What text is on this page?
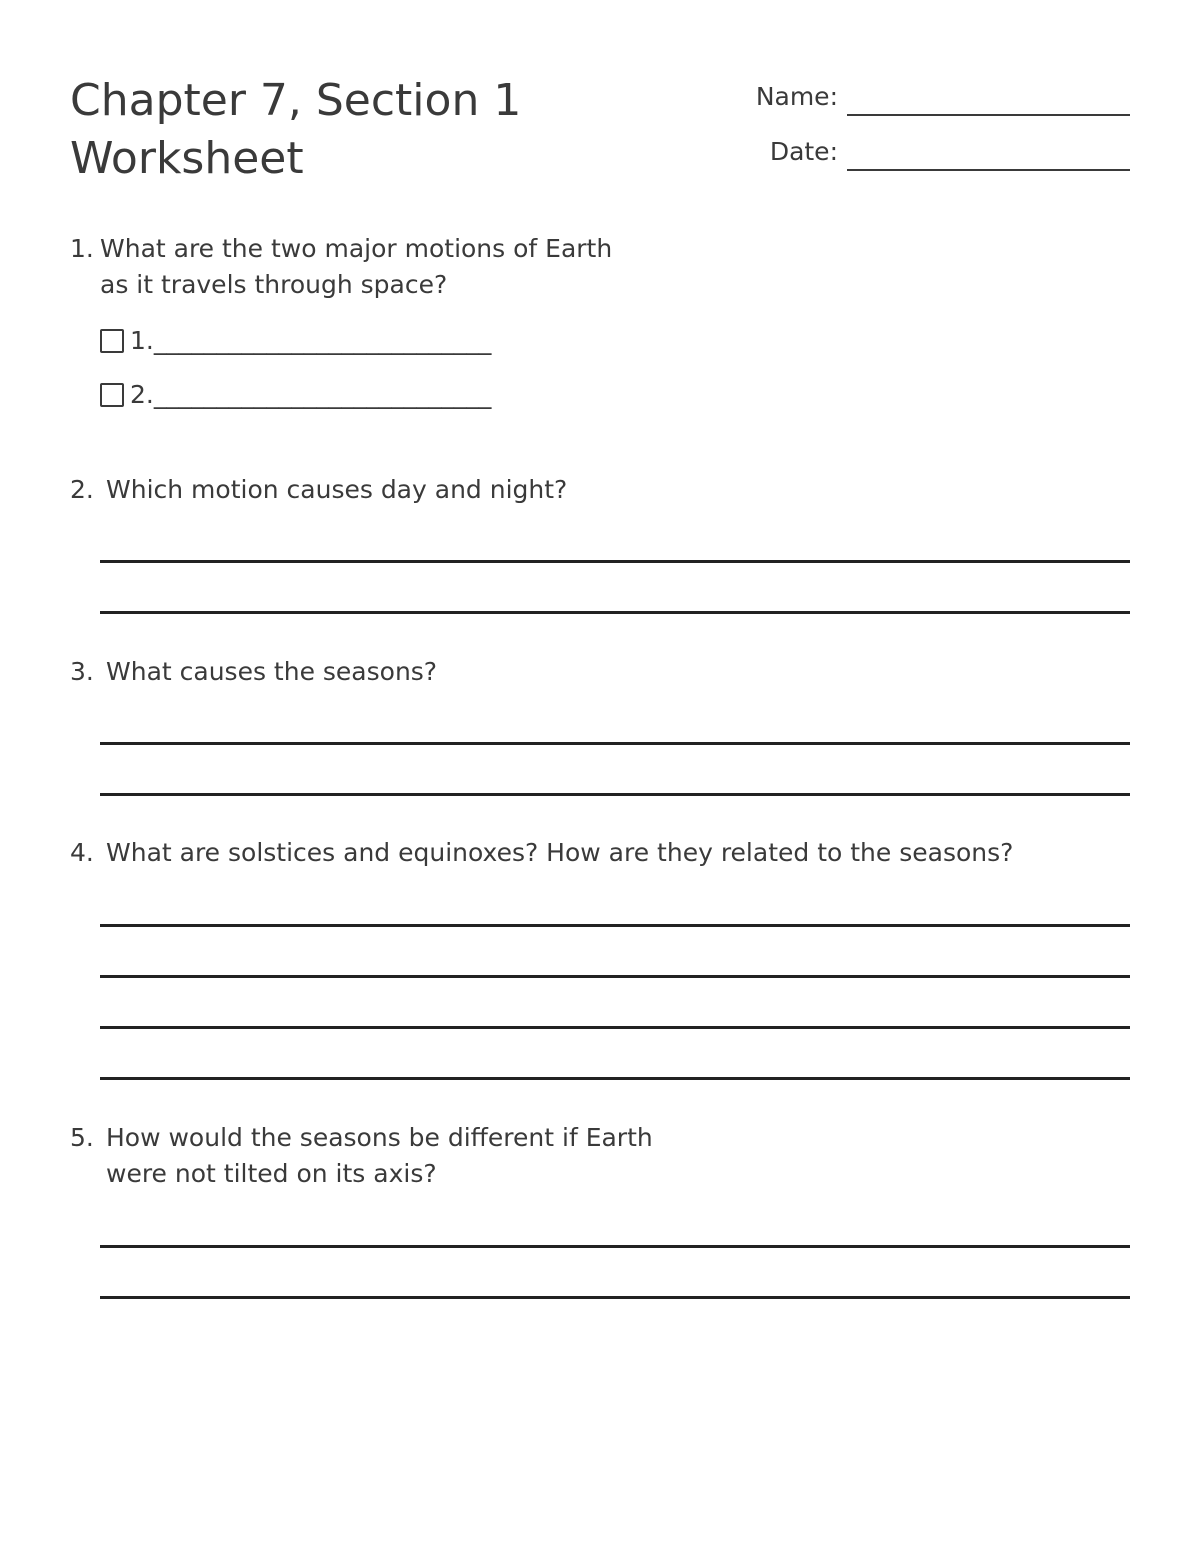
Chapter 7, Section 1
Worksheet
Name:
Date:
1. What are the two major motions of Earth
as it travels through space?
1.___________________________
2.___________________________
2. Which motion causes day and night?
3. What causes the seasons?
4. What are solstices and equinoxes? How are they related to the seasons?
5. How would the seasons be different if Earth
were not tilted on its axis?
